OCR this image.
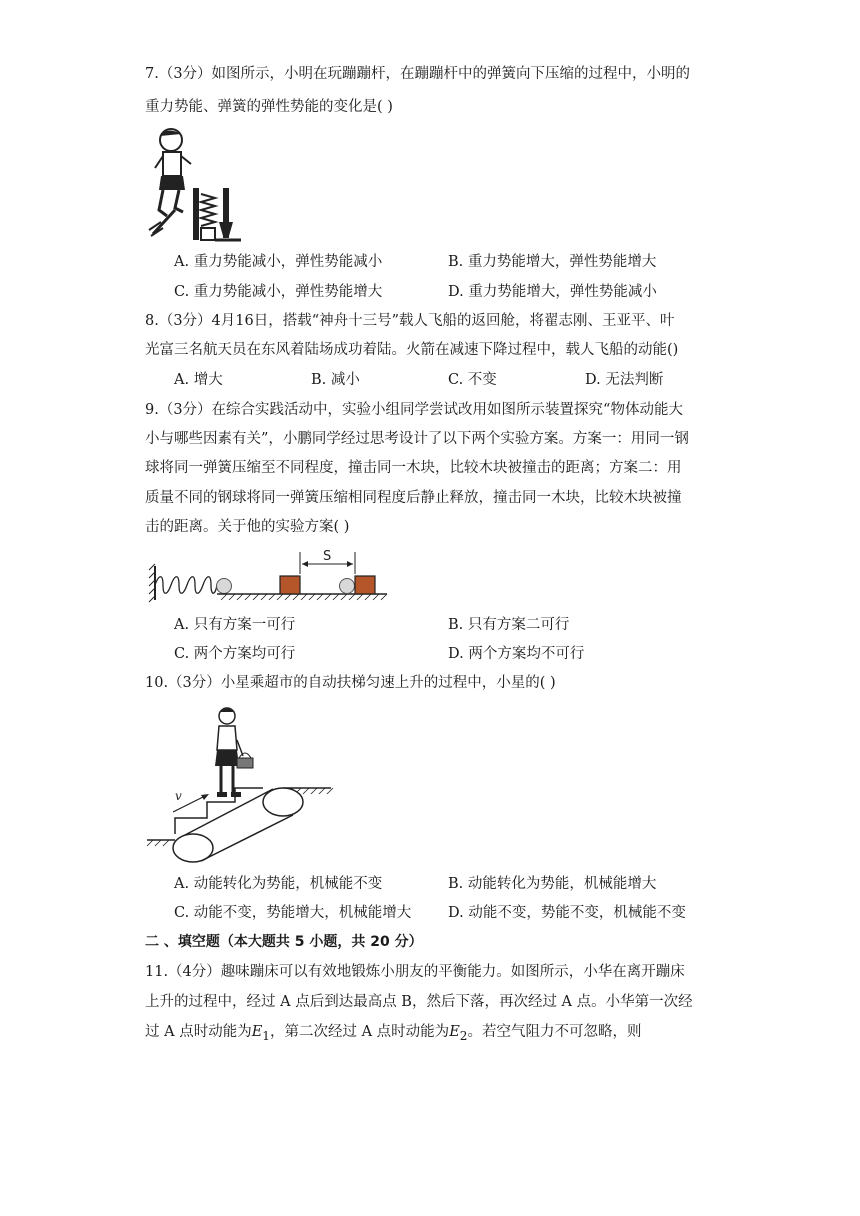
7.（3分）如图所示，小明在玩蹦蹦杆，在蹦蹦杆中的弹簧向下压缩的过程中，小明的
重力势能、弹簧的弹性势能的变化是( )
A. 重力势能减小，弹性势能减小	B. 重力势能增大，弹性势能增大
C. 重力势能减小，弹性势能增大	D. 重力势能增大，弹性势能减小
8.（3分）4月16日，搭载“神舟十三号”载人飞船的返回舱，将翟志刚、王亚平、叶
光富三名航天员在东风着陆场成功着陆。火箭在减速下降过程中，载人飞船的动能()
A. 增大	B. 减小	C. 不变	D. 无法判断
9.（3分）在综合实践活动中，实验小组同学尝试改用如图所示装置探究“物体动能大
小与哪些因素有关”，小鹏同学经过思考设计了以下两个实验方案。方案一：用同一钢
球将同一弹簧压缩至不同程度，撞击同一木块，比较木块被撞击的距离；方案二：用
质量不同的钢球将同一弹簧压缩相同程度后静止释放，撞击同一木块，比较木块被撞
击的距离。关于他的实验方案( )
S
A. 只有方案一可行	B. 只有方案二可行
C. 两个方案均可行	D. 两个方案均不可行
10.（3分）小星乘超市的自动扶梯匀速上升的过程中，小星的( )
v
A. 动能转化为势能，机械能不变	B. 动能转化为势能，机械能增大
C. 动能不变，势能增大，机械能增大	D. 动能不变，势能不变，机械能不变
二 、填空题（本大题共 5 小题，共 20 分）
11.（4分）趣味蹦床可以有效地锻炼小朋友的平衡能力。如图所示，小华在离开蹦床
上升的过程中，经过 A 点后到达最高点 B，然后下落，再次经过 A 点。小华第一次经
过 A 点时动能为$E_1$，第二次经过 A 点时动能为$E_2$。若空气阻力不可忽略，则
